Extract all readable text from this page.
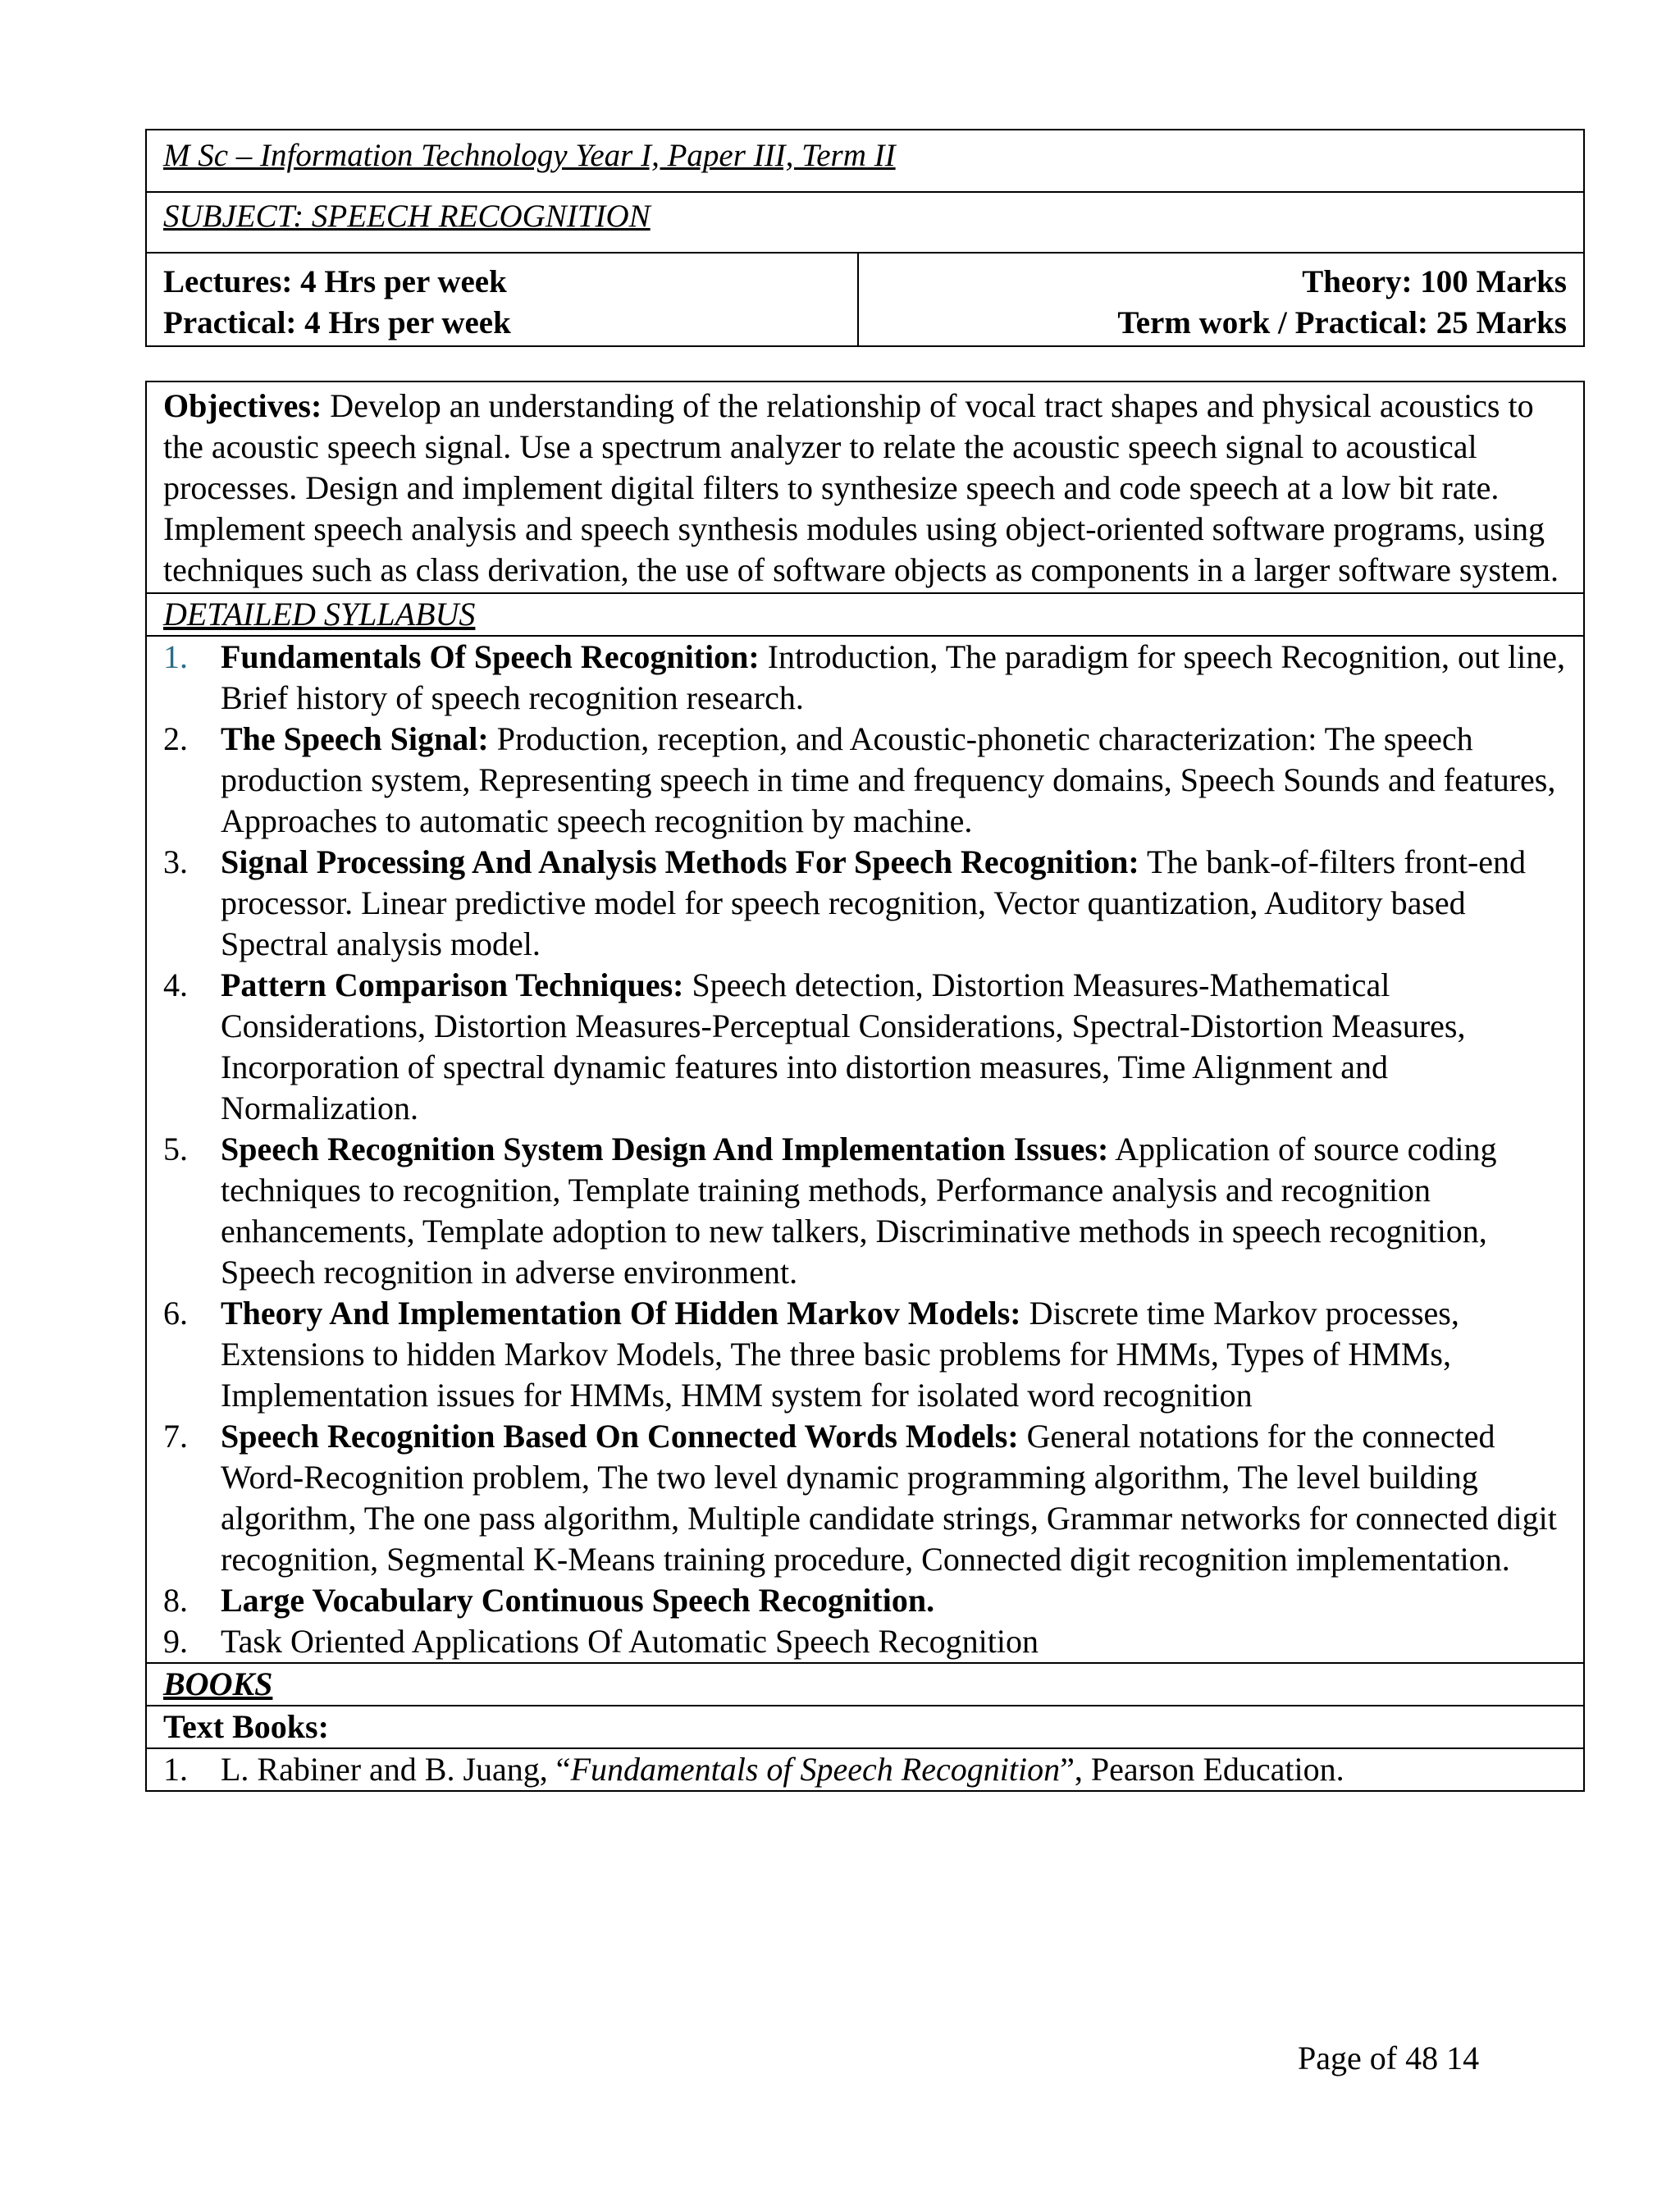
M Sc – Information Technology Year I, Paper III, Term II
SUBJECT: SPEECH RECOGNITION

Lectures: 4 Hrs per week
Practical: 4 Hrs per week

Theory: 100 Marks
Term work / Practical: 25 Marks
Objectives: Develop an understanding of the relationship of vocal tract shapes and physical acoustics to the acoustic speech signal. Use a spectrum analyzer to relate the acoustic speech signal to acoustical processes. Design and implement digital filters to synthesize speech and code speech at a low bit rate. Implement speech analysis and speech synthesis modules using object-oriented software programs, using techniques such as class derivation, the use of software objects as components in a larger software system.
DETAILED SYLLABUS

1.	Fundamentals Of Speech Recognition: Introduction, The paradigm for speech Recognition, out line, Brief history of speech recognition research.
2.	The Speech Signal: Production, reception, and Acoustic-phonetic characterization: The speech production system, Representing speech in time and frequency domains, Speech Sounds and features, Approaches to automatic speech recognition by machine.
3.	Signal Processing And Analysis Methods For Speech Recognition: The bank-of-filters front-end processor. Linear predictive model for speech recognition, Vector quantization, Auditory based Spectral analysis model.
4.	Pattern Comparison Techniques: Speech detection, Distortion Measures-Mathematical Considerations, Distortion Measures-Perceptual Considerations, Spectral-Distortion Measures, Incorporation of spectral dynamic features into distortion measures, Time Alignment and Normalization.
5.	Speech Recognition System Design And Implementation Issues: Application of source coding techniques to recognition, Template training methods, Performance analysis and recognition enhancements, Template adoption to new talkers, Discriminative methods in speech recognition, Speech recognition in adverse environment.
6.	Theory And Implementation Of Hidden Markov Models: Discrete time Markov processes, Extensions to hidden Markov Models, The three basic problems for HMMs, Types of HMMs, Implementation issues for HMMs, HMM system for isolated word recognition
7.	Speech Recognition Based On Connected Words Models: General notations for the connected Word-Recognition problem, The two level dynamic programming algorithm, The level building algorithm, The one pass algorithm, Multiple candidate strings, Grammar networks for connected digit recognition, Segmental K-Means training procedure, Connected digit recognition implementation.
8.	Large Vocabulary Continuous Speech Recognition.
9.	Task Oriented Applications Of Automatic Speech Recognition

BOOKS
Text Books:

1.	L. Rabiner and B. Juang, “Fundamentals of Speech Recognition”, Pearson Education.
Page of 48 14
